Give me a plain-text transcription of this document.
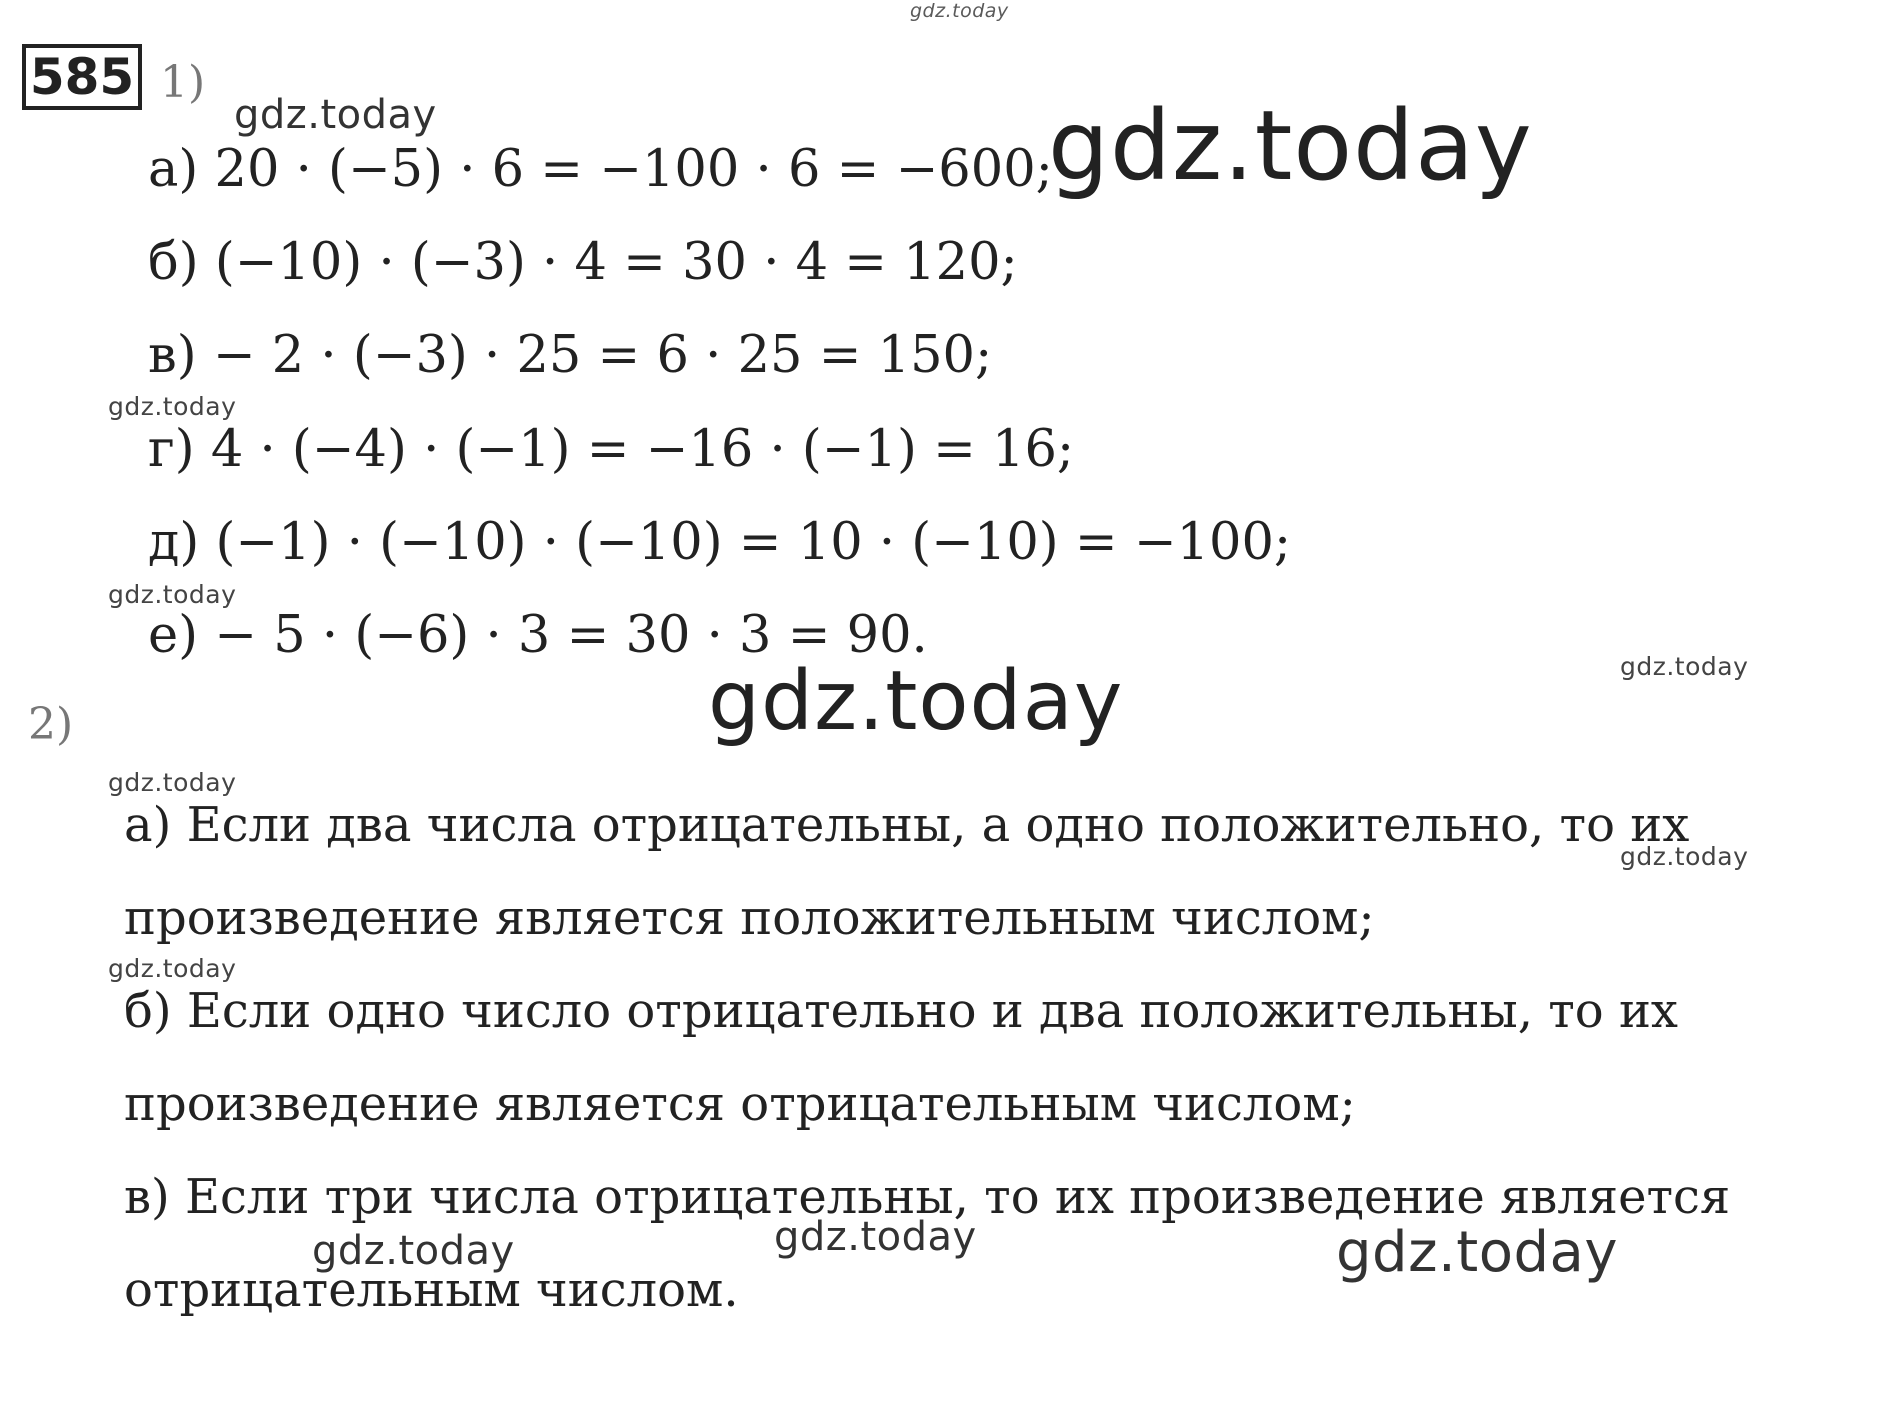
585 1)
а) 20 · (−5) · 6 = −100 · 6 = −600;
б) (−10) · (−3) · 4 = 30 · 4 = 120;
в) − 2 · (−3) · 25 = 6 · 25 = 150;
г) 4 · (−4) · (−1) = −16 · (−1) = 16;
д) (−1) · (−10) · (−10) = 10 · (−10) = −100;
е) − 5 · (−6) · 3 = 30 · 3 = 90.
2)
а) Если два числа отрицательны, а одно положительно, то их
произведение является положительным числом;
б) Если одно число отрицательно и два положительны, то их
произведение является отрицательным числом;
в) Если три числа отрицательны, то их произведение является
отрицательным числом.
gdz.today
gdz.today	gdz.today
gdz.today
gdz.today
gdz.today
gdz.today
gdz.today
gdz.today
gdz.today
gdz.today	gdz.today	gdz.today
